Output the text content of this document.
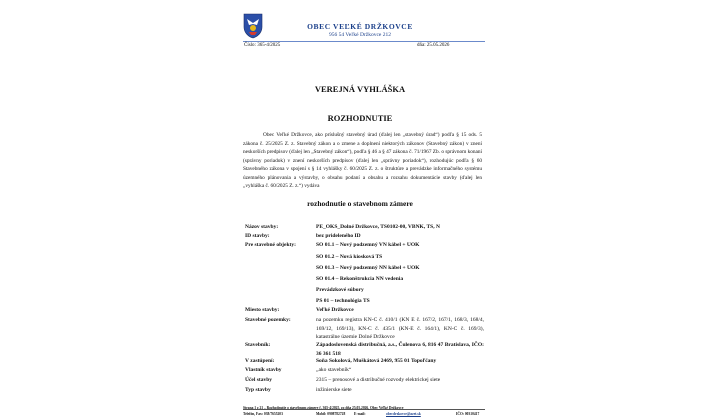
OBEC VEĽKÉ DRŽKOVCE
956 54 Veľké Držkovce 212
Číslo: 365-4/2025	dňa: 25.05.2026
VEREJNÁ VYHLÁŠKA
ROZHODNUTIE
Obec Veľké Držkovce, ako príslušný stavebný úrad (ďalej len „stavebný úrad“) podľa § 15 ods. 5 zákona č. 25/2025 Z. z. Stavebný zákon a o zmene a doplnení niektorých zákonov (Stavebný zákon) v znení neskorších predpisov (ďalej len „Stavebný zákon“), podľa § 46 a § 47 zákona č. 71/1967 Zb. o správnom konaní (správny poriadok) v znení neskorších predpisov (ďalej len „správny poriadok“), rozhodujúc podľa § 60 Stavebného zákona v spojení s § 14 vyhlášky č. 60/2025 Z. z. o štruktúre a prevádzke informačného systému územného plánovania a výstavby, o obsahu podaní a obsahu a rozsahu dokumentácie stavby (ďalej len „vyhláška č. 60/2025 Z. z.“) vydáva
rozhodnutie o stavebnom zámere
Názov stavby:	PE_OKS_Dolné Držkovce, TS0102-00, VBNK, TS, N
ID stavby:	bez prideleného ID
Pre stavebné objekty:	SO 01.1 – Nový podzemný VN kábel + UOK
SO 01.2 – Nová kiosková TS
SO 01.3 – Nový podzemný NN kábel + UOK
SO 01.4 – Rekonštrukcia NN vedenia
Prevádzkové súbory
PS 01 – technológia TS
Miesto stavby:	Veľké Držkovce
Stavebné pozemky:	na pozemku registra KN-C č. 410/1 (KN E č. 167/2, 167/1, 168/3, 168/4, 169/12, 169/13), KN-C č. 435/1 (KN-E č. 164/1), KN-C č. 169/3), katastrálne územie Dolné Držkovce
Stavebník:	Západoslovenská distribučná, a.s., Čulenova 6, 816 47 Bratislava, IČO: 36 361 518
V zastúpení:	Soňa Sokolová, Muškátová 2469, 955 01 Topoľčany
Vlastník stavby	„ako stavebník“
Účel stavby	2315 – prenosové a distribučné rozvody elektrickej siete
Typ stavby	inžinierske siete
Strana 1 z 21 – Rozhodnutie o stavebnom zámere č. 365-4/2025, zo dňa 25.05.2026, Obec Veľké Držkovce
Telefón, Fax: 038/7655203	Mobil: 0908782728 E-mail:	obecdrzkovce@azet.sk	IČO: 00310417
